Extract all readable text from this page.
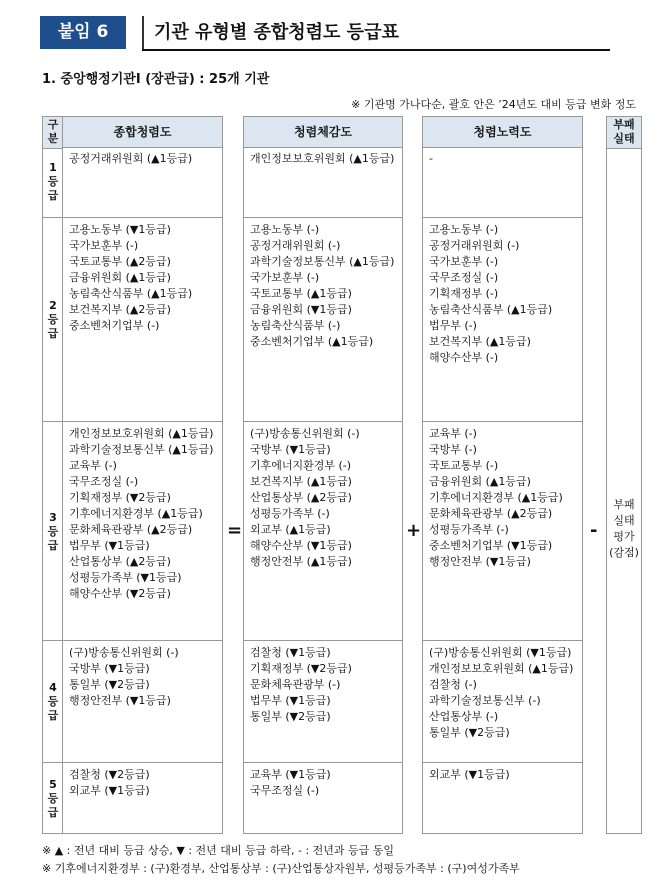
붙임 6	기관 유형별 종합청렴도 등급표
1. 중앙행정기관Ⅰ (장관급) : 25개 기관
※ 기관명 가나다순, 괄호 안은 ’24년도 대비 등급 변화 정도
구
분
1등급
2등급
3등급
4등급
5등급
종합청렴도
공정거래위원회 (▲1등급)
고용노동부 (▼1등급)
국가보훈부 (-)
국토교통부 (▲2등급)
금융위원회 (▲1등급)
농림축산식품부 (▲1등급)
보건복지부 (▲2등급)
중소벤처기업부 (-)
개인정보보호위원회 (▲1등급)
과학기술정보통신부 (▲1등급)
교육부 (-)
국무조정실 (-)
기획재정부 (▼2등급)
기후에너지환경부 (▲1등급)
문화체육관광부 (▲2등급)
법무부 (▼1등급)
산업통상부 (▲2등급)
성평등가족부 (▼1등급)
해양수산부 (▼2등급)
(구)방송통신위원회 (-)
국방부 (▼1등급)
통일부 (▼2등급)
행정안전부 (▼1등급)
검찰청 (▼2등급)
외교부 (▼1등급)
=
청렴체감도
개인정보보호위원회 (▲1등급)
고용노동부 (-)
공정거래위원회 (-)
과학기술정보통신부 (▲1등급)
국가보훈부 (-)
국토교통부 (▲1등급)
금융위원회 (▼1등급)
농림축산식품부 (-)
중소벤처기업부 (▲1등급)
(구)방송통신위원회 (-)
국방부 (▼1등급)
기후에너지환경부 (-)
보건복지부 (▲1등급)
산업통상부 (▲2등급)
성평등가족부 (-)
외교부 (▲1등급)
해양수산부 (▼1등급)
행정안전부 (▲1등급)
검찰청 (▼1등급)
기획재정부 (▼2등급)
문화체육관광부 (-)
법무부 (▼1등급)
통일부 (▼2등급)
교육부 (▼1등급)
국무조정실 (-)
+
청렴노력도
-
고용노동부 (-)
공정거래위원회 (-)
국가보훈부 (-)
국무조정실 (-)
기획재정부 (-)
농림축산식품부 (▲1등급)
법무부 (-)
보건복지부 (▲1등급)
해양수산부 (-)
교육부 (-)
국방부 (-)
국토교통부 (-)
금융위원회 (▲1등급)
기후에너지환경부 (▲1등급)
문화체육관광부 (▲2등급)
성평등가족부 (-)
중소벤처기업부 (▼1등급)
행정안전부 (▼1등급)
(구)방송통신위원회 (▼1등급)
개인정보보호위원회 (▲1등급)
검찰청 (-)
과학기술정보통신부 (-)
산업통상부 (-)
통일부 (▼2등급)
외교부 (▼1등급)
-
부패
실태
부패
실태
평가
(감점)
※ ▲ : 전년 대비 등급 상승, ▼ : 전년 대비 등급 하락, - : 전년과 등급 동일
※ 기후에너지환경부 : (구)환경부, 산업통상부 : (구)산업통상자원부, 성평등가족부 : (구)여성가족부
